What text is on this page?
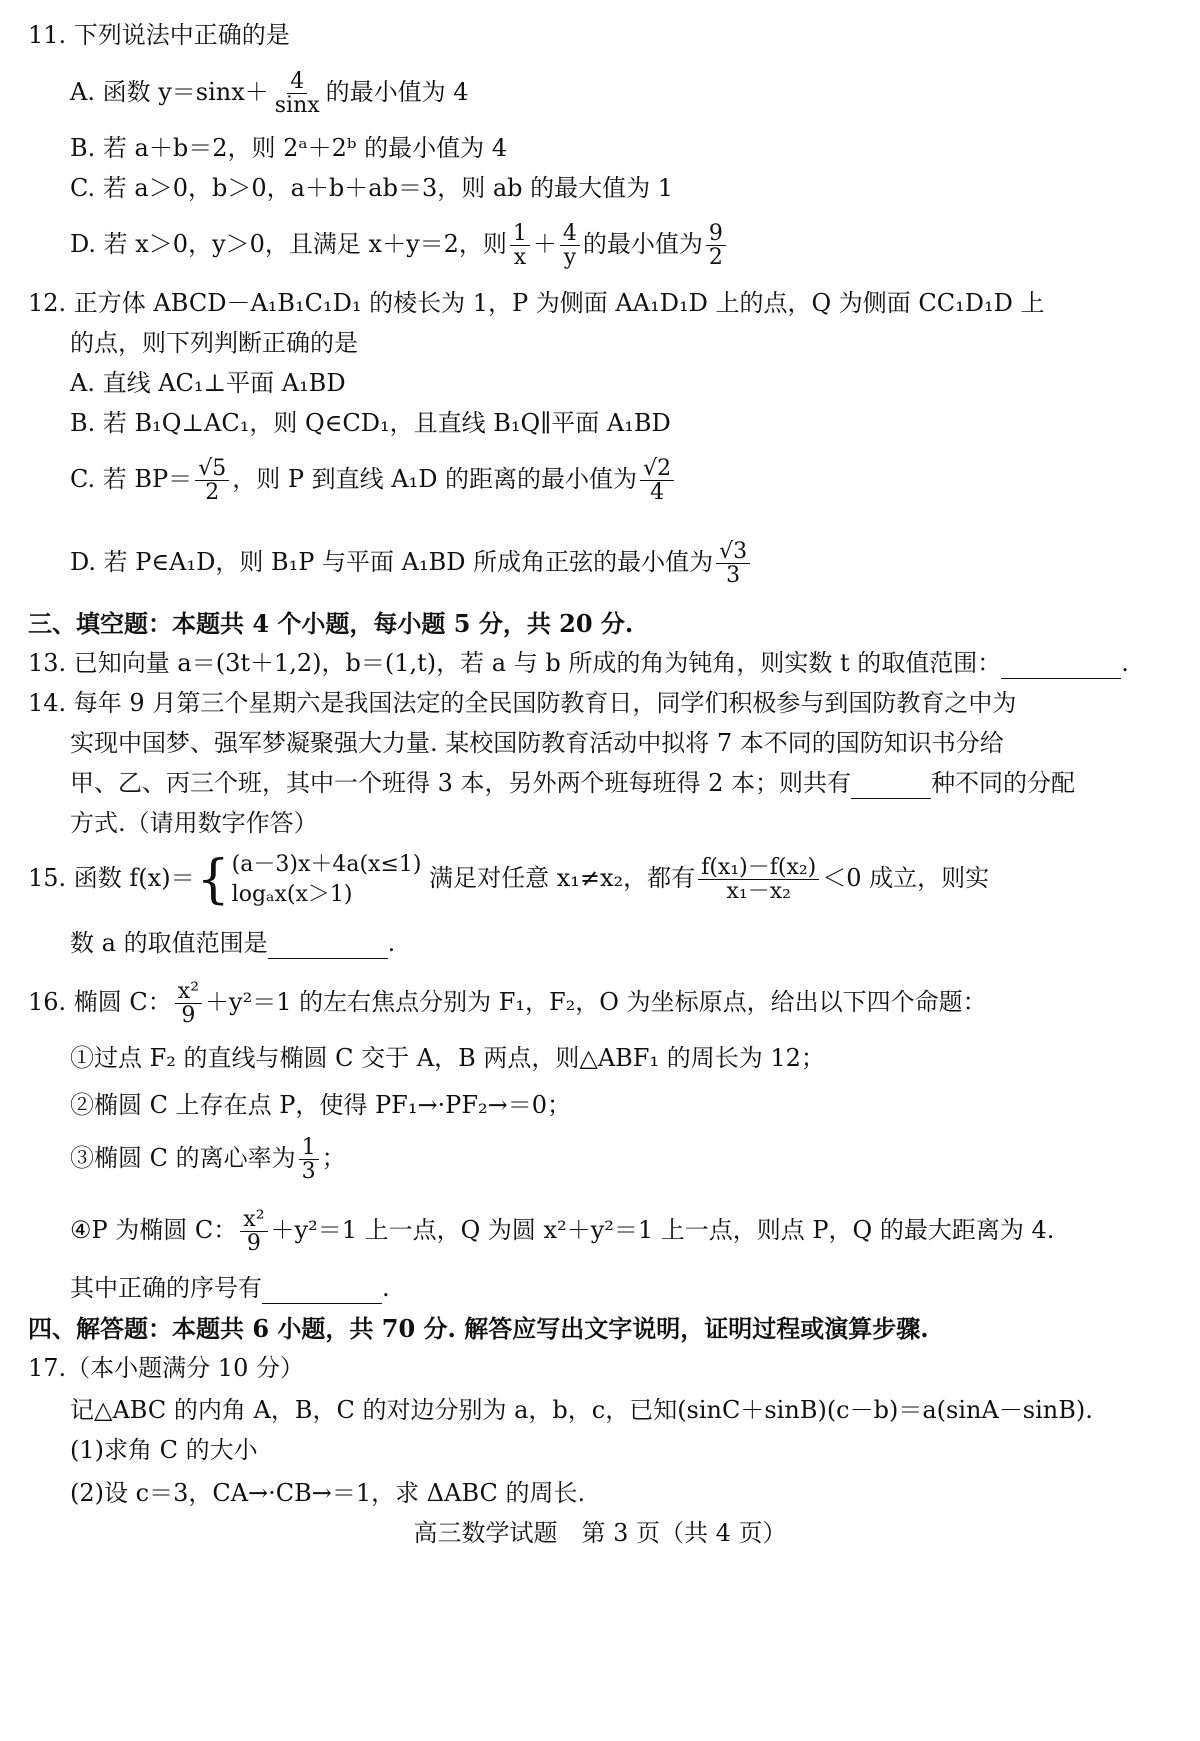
11. 下列说法中正确的是
A. 函数 $y=\sin x+ \frac{4}{\sin x}$ 的最小值为 4
B. 若 a＋b＝2，则 2ᵃ＋2ᵇ 的最小值为 4
C. 若 a＞0，b＞0，a＋b＋ab＝3，则 ab 的最大值为 1
D. 若 x＞0，y＞0，且满足 x＋y＝2，则 $\frac{1}{x} + \frac{4}{y}$ 的最小值为 $\frac{9}{2}$
12. 正方体 ABCD－A₁B₁C₁D₁ 的棱长为 1，P 为侧面 AA₁D₁D 上的点，Q 为侧面 CC₁D₁D 上
的点，则下列判断正确的是
A. 直线 AC₁⊥平面 A₁BD
B. 若 B₁Q⊥AC₁，则 Q∈CD₁，且直线 B₁Q∥平面 A₁BD
C. 若 $BP= \frac{√5}{2}$ ，则 P 到直线 A₁D 的距离的最小值为 $\frac{√2}{4}$
D. 若 P∈A₁D，则 B₁P 与平面 A₁BD 所成角正弦的最小值为 $\frac{√3}{3}$
三、填空题：本题共 4 个小题，每小题 5 分，共 20 分.
13. 已知向量 a＝(3t＋1,2)，b＝(1,t)，若 a 与 b 所成的角为钝角，则实数 t 的取值范围：	.
14. 每年 9 月第三个星期六是我国法定的全民国防教育日，同学们积极参与到国防教育之中为
实现中国梦、强军梦凝聚强大力量. 某校国防教育活动中拟将 7 本不同的国防知识书分给
甲、乙、丙三个班，其中一个班得 3 本，另外两个班每班得 2 本；则共有	种不同的分配
方式.（请用数字作答）
15. 函数 f(x)＝{ (a－3)x＋4a(x≤1)
logₐx(x＞1)
满足对任意 x₁≠x₂，都有 $\frac{\text{f(x₁)－f(x₂)}}{\text{x₁－x₂}} <0$ 成立，则实
数 a 的取值范围是	.
16. 椭圆 C： $\frac{\text{x²}}{9} +y^2=1$ 的左右焦点分别为 F₁，F₂，O 为坐标原点，给出以下四个命题：
①过点 F₂ 的直线与椭圆 C 交于 A，B 两点，则△ABF₁ 的周长为 12；
②椭圆 C 上存在点 P，使得 PF₁→·PF₂→＝0；
③椭圆 C 的离心率为 $\frac{1}{3}$ ；
④P 为椭圆 C： $\frac{\text{x²}}{9} +y^2=1$ 上一点，Q 为圆 x²＋y²＝1 上一点，则点 P，Q 的最大距离为 4.
其中正确的序号有	.
四、解答题：本题共 6 小题，共 70 分. 解答应写出文字说明，证明过程或演算步骤.
17.（本小题满分 10 分）
记△ABC 的内角 A，B，C 的对边分别为 a，b，c，已知(sinC＋sinB)(c－b)＝a(sinA－sinB).
(1)求角 C 的大小
(2)设 c＝3，CA→·CB→＝1，求 ΔABC 的周长.
高三数学试题　第 3 页（共 4 页）
